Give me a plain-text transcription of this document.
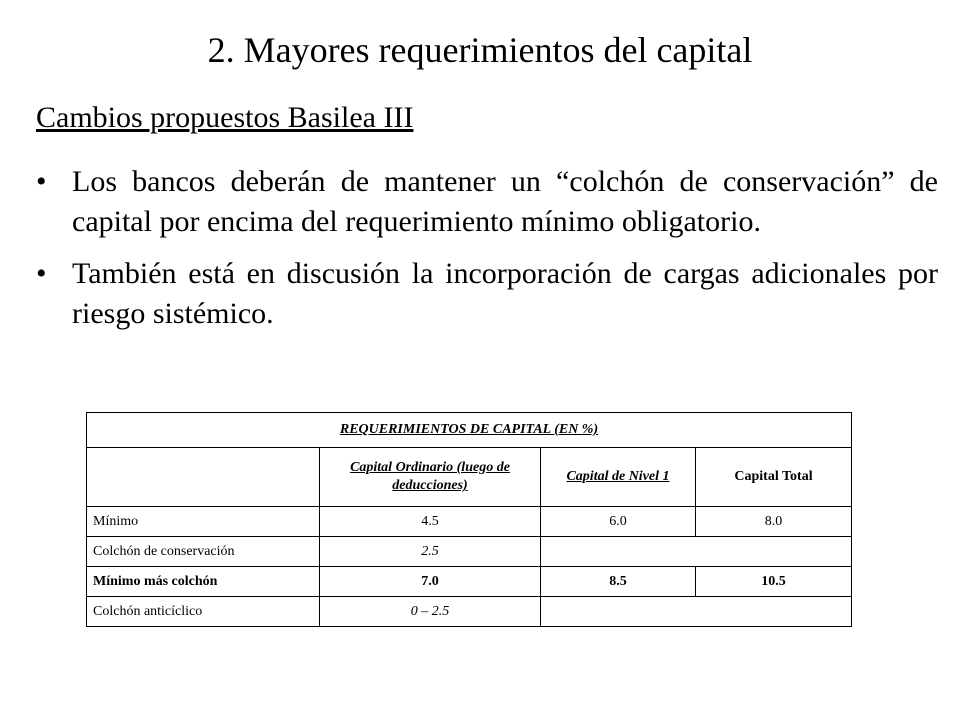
2. Mayores requerimientos del capital
Cambios propuestos Basilea III
• Los bancos deberán de mantener un “colchón de conservación” de capital por encima del requerimiento mínimo obligatorio.
• También está en discusión la incorporación de cargas adicionales por riesgo sistémico.
REQUERIMIENTOS DE CAPITAL (EN %)			
	Capital Ordinario (luego de deducciones)	Capital de Nivel 1	Capital Total
Mínimo	4.5	6.0	8.0
Colchón de conservación	2.5		
Mínimo más colchón	7.0	8.5	10.5
Colchón anticíclico	0 – 2.5		
